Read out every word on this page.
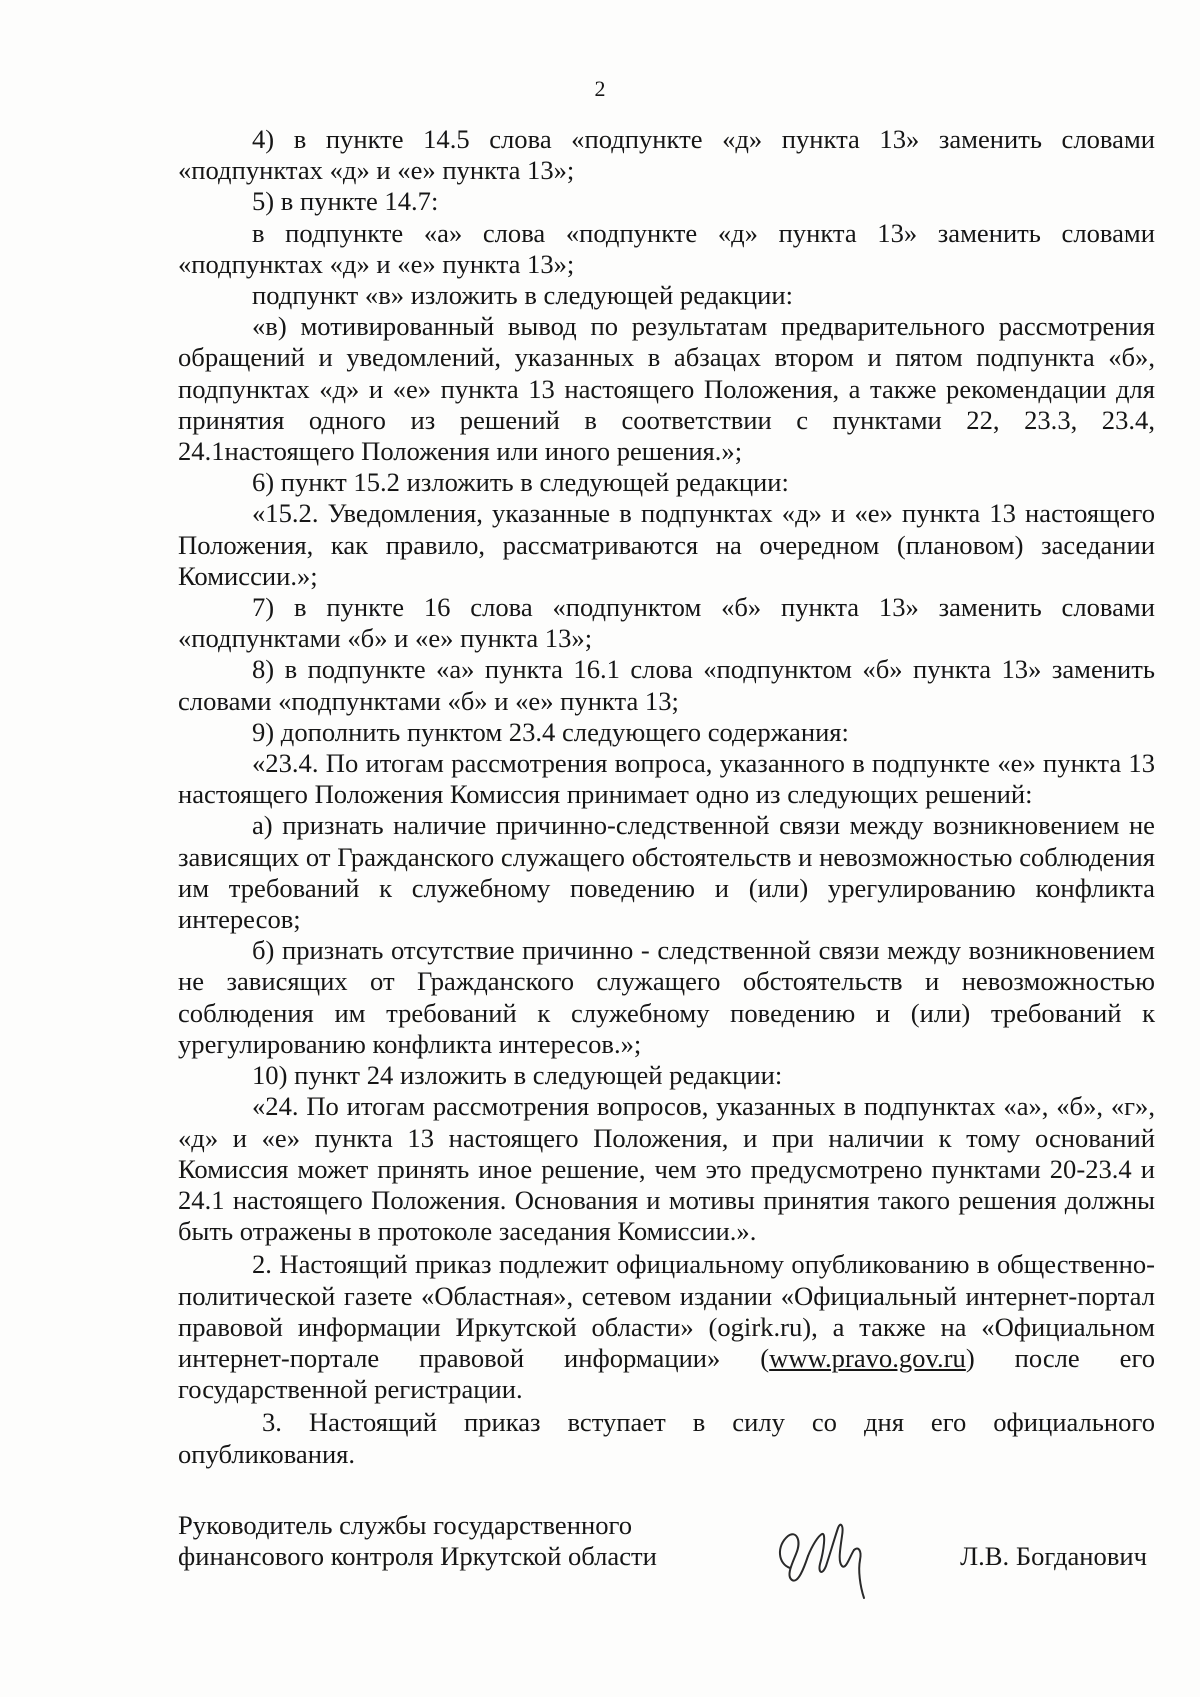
2

4) в пункте 14.5 слова «подпункте «д» пункта 13» заменить словами «подпунктах «д» и «е» пункта 13»;

5) в пункте 14.7:

в подпункте «а» слова «подпункте «д» пункта 13» заменить словами «подпунктах «д» и «е» пункта 13»;

подпункт «в» изложить в следующей редакции:

«в) мотивированный вывод по результатам предварительного рассмотрения обращений и уведомлений, указанных в абзацах втором и пятом подпункта «б», подпунктах «д» и «е» пункта 13 настоящего Положения, а также рекомендации для принятия одного из решений в соответствии с пунктами 22, 23.3, 23.4, 24.1настоящего Положения или иного решения.»;

6) пункт 15.2 изложить в следующей редакции:

«15.2. Уведомления, указанные в подпунктах «д» и «е» пункта 13 настоящего Положения, как правило, рассматриваются на очередном (плановом) заседании Комиссии.»;

7) в пункте 16 слова «подпунктом «б» пункта 13» заменить словами «подпунктами «б» и «е» пункта 13»;

8) в подпункте «а» пункта 16.1 слова «подпунктом «б» пункта 13» заменить словами «подпунктами «б» и «е» пункта 13;

9) дополнить пунктом 23.4 следующего содержания:

«23.4. По итогам рассмотрения вопроса, указанного в подпункте «е» пункта 13 настоящего Положения Комиссия принимает одно из следующих решений:

а) признать наличие причинно-следственной связи между возникновением не зависящих от Гражданского служащего обстоятельств и невозможностью соблюдения им требований к служебному поведению и (или) урегулированию конфликта интересов;

б) признать отсутствие причинно - следственной связи между возникновением не зависящих от Гражданского служащего обстоятельств и невозможностью соблюдения им требований к служебному поведению и (или) требований к урегулированию конфликта интересов.»;

10) пункт 24 изложить в следующей редакции:

«24. По итогам рассмотрения вопросов, указанных в подпунктах «а», «б», «г», «д» и «е» пункта 13 настоящего Положения, и при наличии к тому оснований Комиссия может принять иное решение, чем это предусмотрено пунктами 20-23.4 и 24.1 настоящего Положения. Основания и мотивы принятия такого решения должны быть отражены в протоколе заседания Комиссии.».

2. Настоящий приказ подлежит официальному опубликованию в общественно-политической газете «Областная», сетевом издании «Официальный интернет-портал правовой информации Иркутской области» (ogirk.ru), а также на «Официальном интернет-портале правовой информации» (www.pravo.gov.ru) после его государственной регистрации.

3. Настоящий приказ вступает в силу со дня его официального опубликования.

Руководитель службы государственного
финансового контроля Иркутской области	Л.В. Богданович
